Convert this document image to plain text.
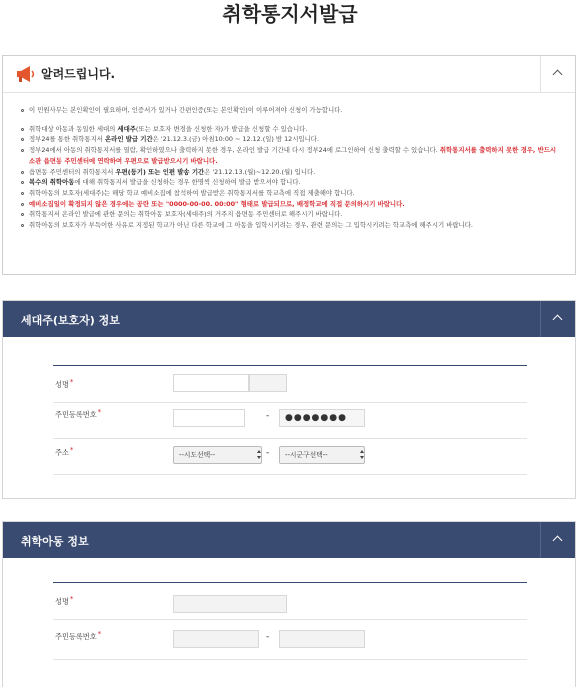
취학통지서발급
알려드립니다.
이 민원사무는 본인확인이 필요하며, 인증서가 있거나 간편인증(또는 본인확인)이 이루어져야 신청이 가능합니다.
취학대상 아동과 동일한 세대의 세대주(또는 보호자 변경을 신청한 자)가 발급을 신청할 수 있습니다.
정부24를 통한 취학통지서 온라인 발급 기간은 '21.12.3.(금) 아침10:00 ~ 12.12.(일) 밤 12시입니다.
정부24에서 아동의 취학통지서를 열람, 확인하였으나 출력하지 못한 경우, 온라인 발급 기간내 다시 정부24에 로그인하여 신청 출력할 수 있습니다. 취학통지서를 출력하지 못한 경우, 반드시 소관 읍면동 주민센터에 연락하여 우편으로 발급받으시기 바랍니다.
읍면동 주민센터의 취학통지서 우편(등기) 또는 인편 발송 기간은 '21.12.13.(월)~12.20.(월) 입니다.
복수의 취학아동에 대해 취학통지서 발급을 신청하는 경우 한명씩 신청하여 발급 받으셔야 합니다.
취학아동의 보호자(세대주)는 해당 학교 예비소집에 참석하여 발급받은 취학통지서를 학교측에 직접 제출해야 합니다.
예비소집일이 확정되지 않은 경우에는 공란 또는 "0000-00-00. 00:00" 형태로 발급되므로, 배정학교에 직접 문의하시기 바랍니다.
취학통지서 온라인 발급에 관한 문의는 취학아동 보호자(세대주)의 거주지 읍면동 주민센터로 해주시기 바랍니다.
취학아동의 보호자가 부득이한 사유로 지정된 학교가 아닌 다른 학교에 그 아동을 입학시키려는 경우, 관련 문의는 그 입학시키려는 학교측에 해주시기 바랍니다.
세대주(보호자) 정보
성명*
주민등록번호*	-	●●●●●●●
주소*
--시도선택--	-	--시군구선택--
취학아동 정보
성명*
주민등록번호*	-
